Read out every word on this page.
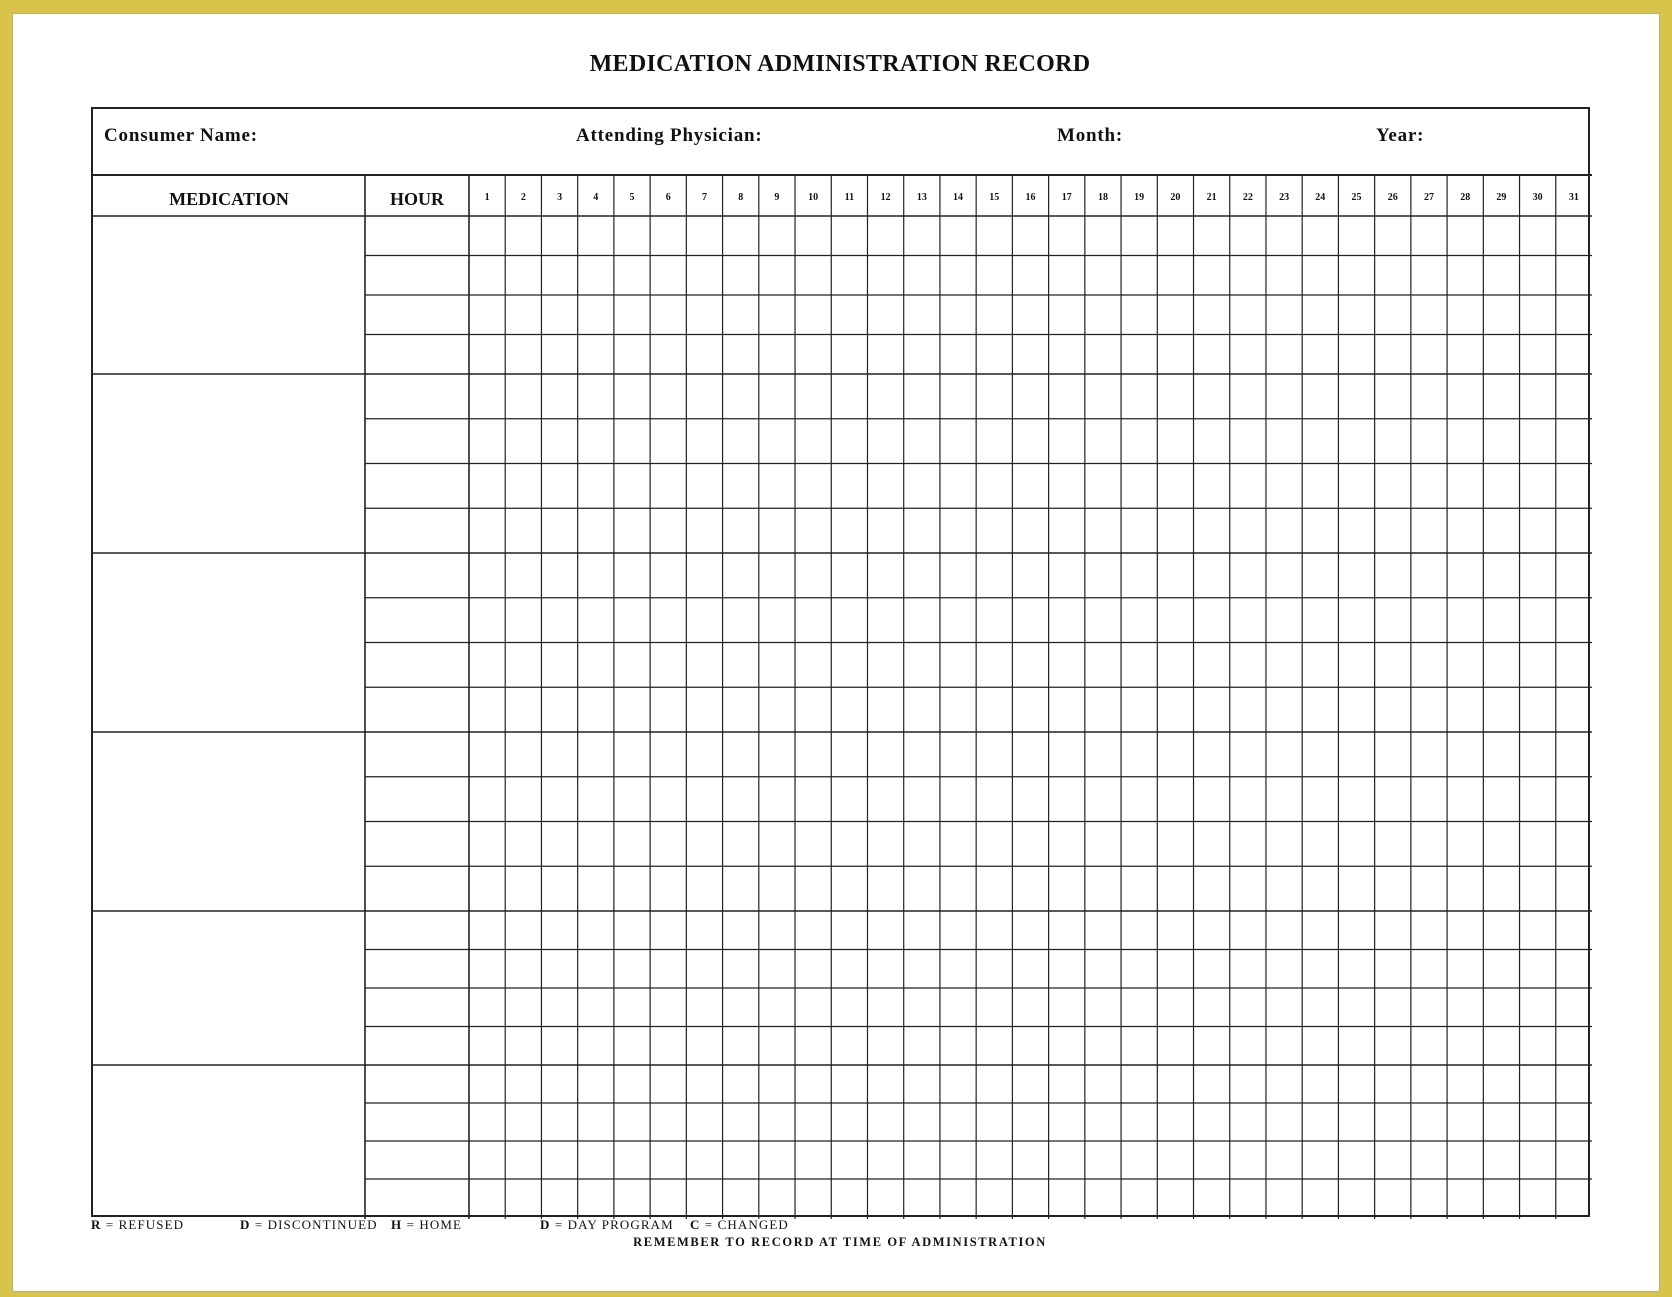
MEDICATION ADMINISTRATION RECORD
MEDICATION	HOUR	1	2	3	4	5	6	7	8	9	10	11	12	13	14	15	16	17	18	19	20	21	22	23	24	25	26	27	28	29	30	31
Consumer Name:	Attending Physician:	Month:	Year:
R = REFUSED	D = DISCONTINUED H = HOME	D = DAY PROGRAM C = CHANGED
REMEMBER TO RECORD AT TIME OF ADMINISTRATION
